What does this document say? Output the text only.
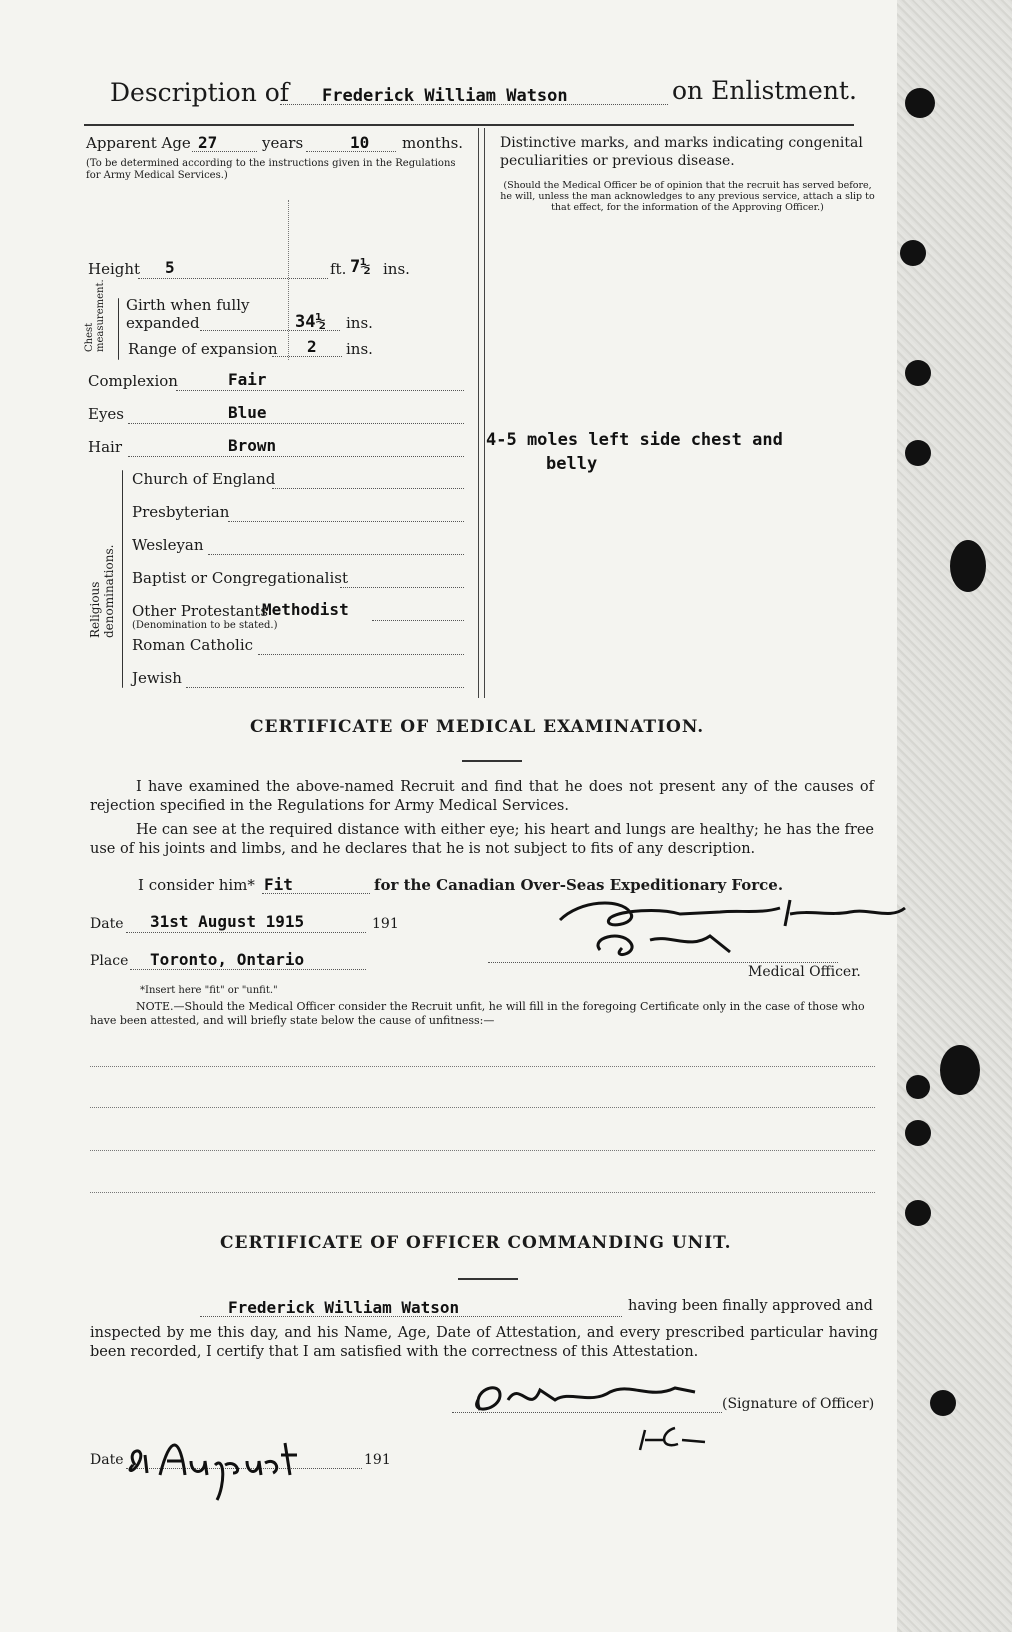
Description of Frederick William Watson	on Enlistment.
Apparent Age 27	years	10 months.
(To be determined according to the instructions given in the Regulations for Army Medical Services.)
Height 5	ft. 7½ ins.
Chest measurement. Girth when fully expanded	34½ ins.
Range of expansion 2 ins.
Complexion	Fair
Eyes	Blue
Hair	Brown
Religious denominations.
Church of England
Presbyterian
Wesleyan
Baptist or Congregationalist
Other Protestants
Methodist
(Denomination to be stated.)
Roman Catholic
Jewish
Distinctive marks, and marks indicating congenital peculiarities or previous disease.
(Should the Medical Officer be of opinion that the recruit has served before, he will, unless the man acknowledges to any previous service, attach a slip to that effect, for the information of the Approving Officer.)
4-5 moles left side chest and
belly
CERTIFICATE OF MEDICAL EXAMINATION.
I have examined the above-named Recruit and find that he does not present any of the causes of rejection specified in the Regulations for Army Medical Services.
He can see at the required distance with either eye; his heart and lungs are healthy; he has the free use of his joints and limbs, and he declares that he is not subject to fits of any description.
I consider him* Fit	for the Canadian Over-Seas Expeditionary Force.
Date 31st August 1915	191
Place Toronto, Ontario
Medical Officer.
*Insert here "fit" or "unfit."
NOTE.—Should the Medical Officer consider the Recruit unfit, he will fill in the foregoing Certificate only in the case of those who have been attested, and will briefly state below the cause of unfitness:—
CERTIFICATE OF OFFICER COMMANDING UNIT.
Frederick William Watson	having been finally approved and
inspected by me this day, and his Name, Age, Date of Attestation, and every prescribed particular having been recorded, I certify that I am satisfied with the correctness of this Attestation.
(Signature of Officer)
Date	191
